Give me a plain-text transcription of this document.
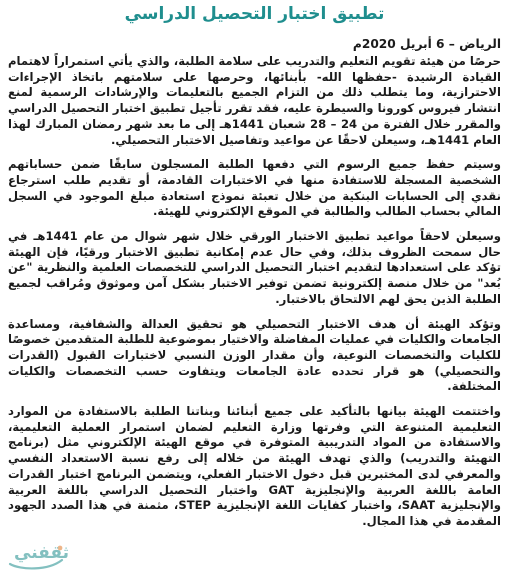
تطبيق اختبار التحصيل الدراسي
الرياض – 6 أبريل 2020م

حرصًا من هيئة تقويم التعليم والتدريب على سلامة الطلبة، والذي يأتي استمراراً لاهتمام القيادة الرشيدة -حفظها الله- بأبنائها، وحرصها على سلامتهم باتخاذ الإجراءات الاحترازية، وما يتطلب ذلك من التزام الجميع بالتعليمات والإرشادات الرسمية لمنع انتشار فيروس كورونا والسيطرة عليه، فقد تقرر تأجيل تطبيق اختبار التحصيل الدراسي والمقرر خلال الفترة من 24 – 28 شعبان 1441هـ إلى ما بعد شهر رمضان المبارك لهذا العام 1441هـ، وسيعلن لاحقًا عن مواعيد وتفاصيل الاختبار التحصيلي.

وسيتم حفظ جميع الرسوم التي دفعها الطلبة المسجلون سابقًا ضمن حساباتهم الشخصية المسجلة للاستفادة منها في الاختبارات القادمة، أو تقديم طلب استرجاع نقدي إلى الحسابات البنكية من خلال تعبئة نموذج استعادة مبلغ الموجود في السجل المالي بحساب الطالب والطالبة في الموقع الإلكتروني للهيئة.

وسيعلن لاحقاً مواعيد تطبيق الاختبار الورقي خلال شهر شوال من عام 1441هـ في حال سمحت الظروف بذلك، وفي حال عدم إمكانية تطبيق الاختبار ورقيًا، فإن الهيئة تؤكد على استعدادها لتقديم اختبار التحصيل الدراسي للتخصصات العلمية والنظرية "عن بُعد" من خلال منصة إلكترونية تضمن توفير الاختبار بشكل آمن وموثوق ومُراقب لجميع الطلبة الذين يحق لهم الالتحاق بالاختبار.

وتؤكد الهيئة أن هدف الاختبار التحصيلي هو تحقيق العدالة والشفافية، ومساعدة الجامعات والكليات في عمليات المفاضلة والاختيار بموضوعية للطلبة المتقدمين خصوصًا للكليات والتخصصات النوعية، وأن مقدار الوزن النسبي لاختبارات القبول (القدرات والتحصيلي) هو قرار تحدده عادة الجامعات ويتفاوت حسب التخصصات والكليات المختلفة.

واختتمت الهيئة بيانها بالتأكيد على جميع أبنائنا وبناتنا الطلبة بالاستفادة من الموارد التعليمية المتنوعة التي وفرتها وزارة التعليم لضمان استمرار العملية التعليمية، والاستفادة من المواد التدريبية المتوفرة في موقع الهيئة الإلكتروني مثل (برنامج التهيئة والتدريب) والذي تهدف الهيئة من خلاله إلى رفع نسبة الاستعداد النفسي والمعرفي لدى المختبرين قبل دخول الاختبار الفعلي، ويتضمن البرنامج اختبار القدرات العامة باللغة العربية والإنجليزية GAT واختبار التحصيل الدراسي باللغة العربية والإنجليزية SAAT، واختبار كفايات اللغة الإنجليزية STEP، مثمنة في هذا الصدد الجهود المقدمة في هذا المجال.

ثقفني
